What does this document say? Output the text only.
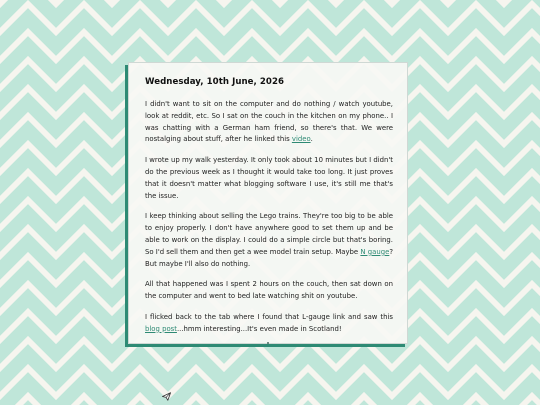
Wednesday, 10th June, 2026

I didn't want to sit on the computer and do nothing / watch youtube, look at reddit, etc. So I sat on the couch in the kitchen on my phone.. I was chatting with a German ham friend, so there's that. We were nostalging about stuff, after he linked this video.

I wrote up my walk yesterday. It only took about 10 minutes but I didn't do the previous week as I thought it would take too long. It just proves that it doesn't matter what blogging software I use, it's still me that's the issue.

I keep thinking about selling the Lego trains. They're too big to be able to enjoy properly. I don't have anywhere good to set them up and be able to work on the display. I could do a simple circle but that's boring. So I'd sell them and then get a wee model train setup. Maybe N gauge? But maybe I'll also do nothing.

All that happened was I spent 2 hours on the couch, then sat down on the computer and went to bed late watching shit on youtube.

I flicked back to the tab where I found that L-gauge link and saw this blog post...hmm interesting...It's even made in Scotland!
